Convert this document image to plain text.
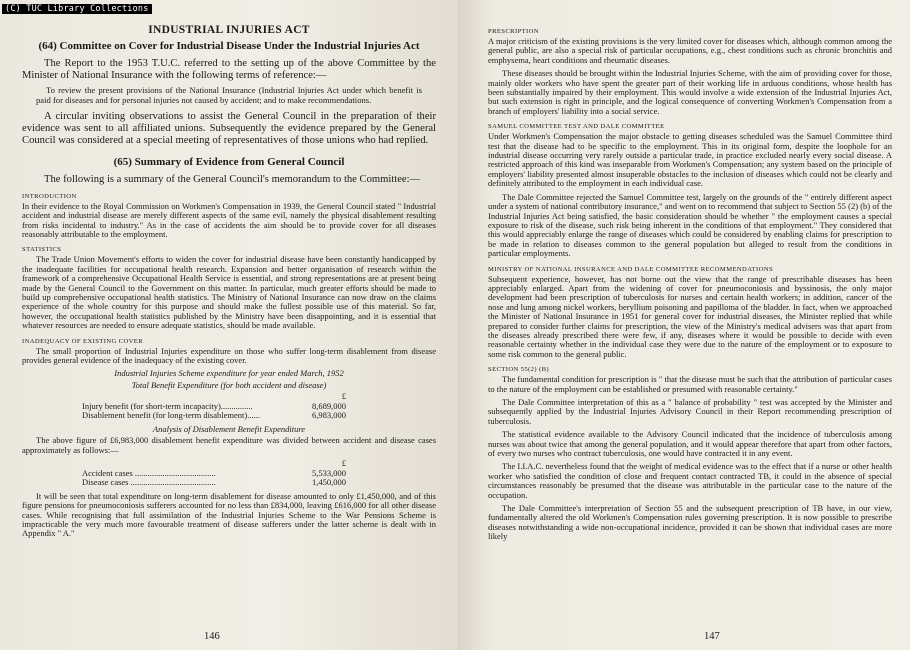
(C) TUC Library Collections
INDUSTRIAL INJURIES ACT
(64) Committee on Cover for Industrial Disease Under the Industrial Injuries Act

The Report to the 1953 T.U.C. referred to the setting up of the above Committee by the Minister of National Insurance with the following terms of reference:—

To review the present provisions of the National Insurance (Industrial Injuries Act under which benefit is paid for diseases and for personal injuries not caused by accident; and to make recommendations.

A circular inviting observations to assist the General Council in the preparation of their evidence was sent to all affiliated unions. Subsequently the evidence prepared by the General Council was considered at a special meeting of representatives of those unions who had replied.

(65) Summary of Evidence from General Council

The following is a summary of the General Council's memorandum to the Committee:—

INTRODUCTION

In their evidence to the Royal Commission on Workmen's Compensation in 1939, the General Council stated " Industrial accident and industrial disease are merely different aspects of the same evil, namely the physical disablement resulting from risks incidental to industry." As in the case of accidents the aim should be to provide cover for all diseases reasonably attributable to the employment.

STATISTICS

The Trade Union Movement's efforts to widen the cover for industrial disease have been constantly handicapped by the inadequate facilities for occupational health research. Expansion and better organisation of research within the framework of a comprehensive Occupational Health Service is essential, and strong representations are at present being made by the General Council to the Government on this matter. In particular, much greater efforts should be made to build up comprehensive occupational health statistics. The Ministry of National Insurance can now draw on the claims experience of the whole country for this purpose and should make the fullest possible use of this material. So far, however, the occupational health statistics published by the Ministry have been disappointing, and it is essential that whatever resources are needed to ensure adequate statistics, should be made available.

INADEQUACY OF EXISTING COVER

The small proportion of Industrial Injuries expenditure on those who suffer long-term disablement from disease provides general evidence of the inadequacy of the existing cover.

Industrial Injuries Scheme expenditure for year ended March, 1952
Total Benefit Expenditure (for both accident and disease)
£
Injury benefit (for short-term incapacity)...............	8,689,000
Disablement benefit (for long-term disablement)......	6,983,000
Analysis of Disablement Benefit Expenditure

The above figure of £6,983,000 disablement benefit expenditure was divided between accident and disease cases approximately as follows:—

£
Accident cases ......................................	5,533,000
Disease cases ........................................	1,450,000

It will be seen that total expenditure on long-term disablement for disease amounted to only £1,450,000, and of this figure pensions for pneumoconiosis sufferers accounted for no less than £834,000, leaving £616,000 for all other disease cases. While recognising that full assimilation of the Industrial Injuries Scheme to the War Pensions Scheme is impracticable the very much more favourable treatment of disease sufferers under the latter scheme is dealt with in Appendix " A."

146
PRESCRIPTION

A major criticism of the existing provisions is the very limited cover for diseases which, although common among the general public, are also a special risk of particular occupations, e.g., chest conditions such as chronic bronchitis and emphysema, heart conditions and rheumatic diseases.

These diseases should be brought within the Industrial Injuries Scheme, with the aim of providing cover for those, mainly older workers who have spent the greater part of their working life in arduous conditions, whose health has been substantially impaired by their employment. This would involve a wide extension of the Industrial Injuries Act, but such extension is right in principle, and the logical consequence of converting Workmen's Compensation from a branch of employers' liability into a social service.

SAMUEL COMMITTEE TEST AND DALE COMMITTEE

Under Workmen's Compensation the major obstacle to getting diseases scheduled was the Samuel Committee third test that the disease had to be specific to the employment. This in its original form, despite the loophole for an industrial disease occurring very rarely outside a particular trade, in practice excluded nearly every social disease. A restricted approach of this kind was inseparable from Workmen's Compensation; any system based on the principle of employers' liability presented almost insuperable obstacles to the inclusion of diseases which could not be clearly and definitely attributed to the employment in each individual case.

The Dale Committee rejected the Samuel Committee test, largely on the grounds of the " entirely different aspect under a system of national contributory insurance," and went on to recommend that subject to Section 55 (2) (b) of the Industrial Injuries Act being satisfied, the basic consideration should be whether " the employment causes a special exposure to risk of the disease, such risk being inherent in the conditions of that employment." They considered that this would appreciably enlarge the range of diseases which could be considered by enabling claims for prescription to be made in relation to diseases common to the general population but alleged to result from the conditions in particular employments.

MINISTRY OF NATIONAL INSURANCE AND DALE COMMITTEE RECOMMENDATIONS

Subsequent experience, however, has not borne out the view that the range of prescribable diseases has been appreciably enlarged. Apart from the widening of cover for pneumoconiosis and byssinosis, the only major development had been prescription of tuberculosis for nurses and certain health workers; in addition, cancer of the nose and lung among nickel workers, beryllium poisoning and papilloma of the bladder. In fact, when we approached the Minister of National Insurance in 1951 for general cover for industrial diseases, the Minister replied that while prepared to consider further claims for prescription, the view of the Ministry's medical advisers was that apart from the diseases already prescribed there were few, if any, diseases where it would be possible to decide with even reasonable certainty whether in the individual case they were due to the nature of the employment or to exposure to some risk common to the general public.

SECTION 55(2) (B)

The fundamental condition for prescription is " that the disease must be such that the attribution of particular cases to the nature of the employment can be established or presumed with reasonable certainty."

The Dale Committee interpretation of this as a " balance of probability " test was accepted by the Minister and subsequently applied by the Industrial Injuries Advisory Council in their Report recommending prescription of tuberculosis.

The statistical evidence available to the Advisory Council indicated that the incidence of tuberculosis among nurses was about twice that among the general population, and it would appear therefore that apart from other factors, of every two nurses who contract tuberculosis, one would have contracted it in any event.

The I.I.A.C. nevertheless found that the weight of medical evidence was to the effect that if a nurse or other health worker who satisfied the condition of close and frequent contact contracted TB, it could in the absence of special circumstances reasonably be presumed that the disease was attributable in the particular case to the nature of the occupation.

The Dale Committee's interpretation of Section 55 and the subsequent prescription of TB have, in our view, fundamentally altered the old Workmen's Compensation rules governing prescription. It is now possible to prescribe diseases notwithstanding a wide non-occupational incidence, provided it can be shown that individual cases are more likely

147
